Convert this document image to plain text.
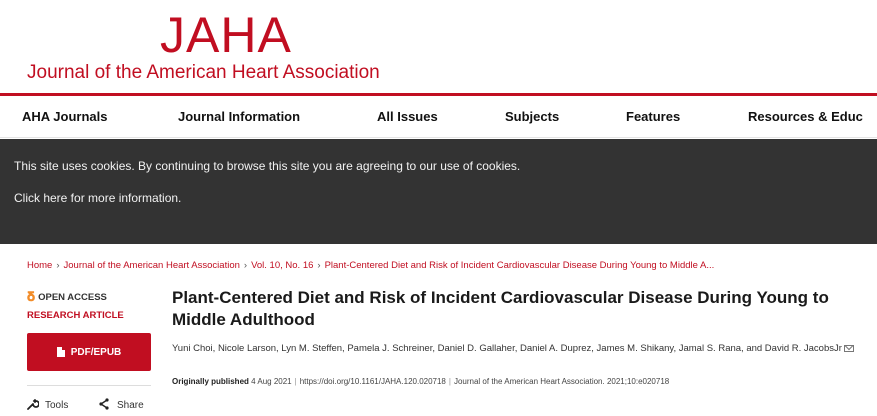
JAHA
Journal of the American Heart Association
AHA Journals	Journal Information	All Issues	Subjects	Features	Resources & Educ
This site uses cookies. By continuing to browse this site you are agreeing to our use of cookies.
Click here for more information.
Home › Journal of the American Heart Association › Vol. 10, No. 16 › Plant‐Centered Diet and Risk of Incident Cardiovascular Disease During Young to Middle A...
𝛅 OPEN ACCESS
RESEARCH ARTICLE
PDF/EPUB
Tools	Share
Plant‐Centered Diet and Risk of Incident Cardiovascular Disease During Young to Middle Adulthood
Yuni Choi, Nicole Larson, Lyn M. Steffen, Pamela J. Schreiner, Daniel D. Gallaher, Daniel A. Duprez, James M. Shikany, Jamal S. Rana, and David R. JacobsJr
Originally published 4 Aug 2021 | https://doi.org/10.1161/JAHA.120.020718 | Journal of the American Heart Association. 2021;10:e020718
